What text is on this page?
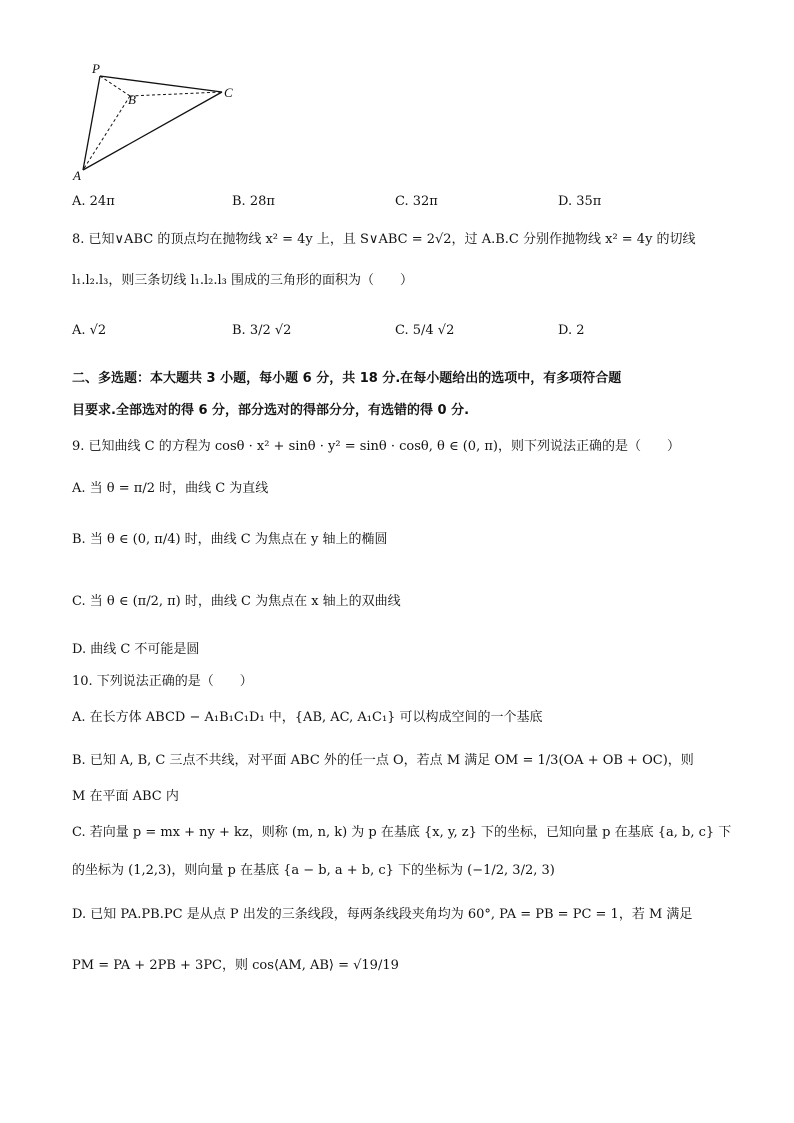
P
B	C
A
A. 24π	B. 28π	C. 32π	D. 35π
8. 已知∨ABC 的顶点均在抛物线 x² = 4y 上，且 S∨ABC = 2√2，过 A.B.C 分别作抛物线 x² = 4y 的切线
l₁.l₂.l₃，则三条切线 l₁.l₂.l₃ 围成的三角形的面积为（　　）
A. √2	B. 3/2 √2	C. 5/4 √2	D. 2
二、多选题：本大题共 3 小题，每小题 6 分，共 18 分.在每小题给出的选项中，有多项符合题
目要求.全部选对的得 6 分，部分选对的得部分分，有选错的得 0 分.
9. 已知曲线 C 的方程为 cosθ · x² + sinθ · y² = sinθ · cosθ, θ ∈ (0, π)，则下列说法正确的是（　　）
A. 当 θ = π/2 时，曲线 C 为直线
B. 当 θ ∈ (0, π/4) 时，曲线 C 为焦点在 y 轴上的椭圆
C. 当 θ ∈ (π/2, π) 时，曲线 C 为焦点在 x 轴上的双曲线
D. 曲线 C 不可能是圆
10. 下列说法正确的是（　　）
A. 在长方体 ABCD − A₁B₁C₁D₁ 中，{AB, AC, A₁C₁} 可以构成空间的一个基底
B. 已知 A, B, C 三点不共线，对平面 ABC 外的任一点 O，若点 M 满足 OM = 1/3(OA + OB + OC)，则
M 在平面 ABC 内
C. 若向量 p = mx + ny + kz，则称 (m, n, k) 为 p 在基底 {x, y, z} 下的坐标，已知向量 p 在基底 {a, b, c} 下
的坐标为 (1,2,3)，则向量 p 在基底 {a − b, a + b, c} 下的坐标为 (−1/2, 3/2, 3)
D. 已知 PA.PB.PC 是从点 P 出发的三条线段，每两条线段夹角均为 60°, PA = PB = PC = 1，若 M 满足
PM = PA + 2PB + 3PC，则 cos⟨AM, AB⟩ = √19/19
